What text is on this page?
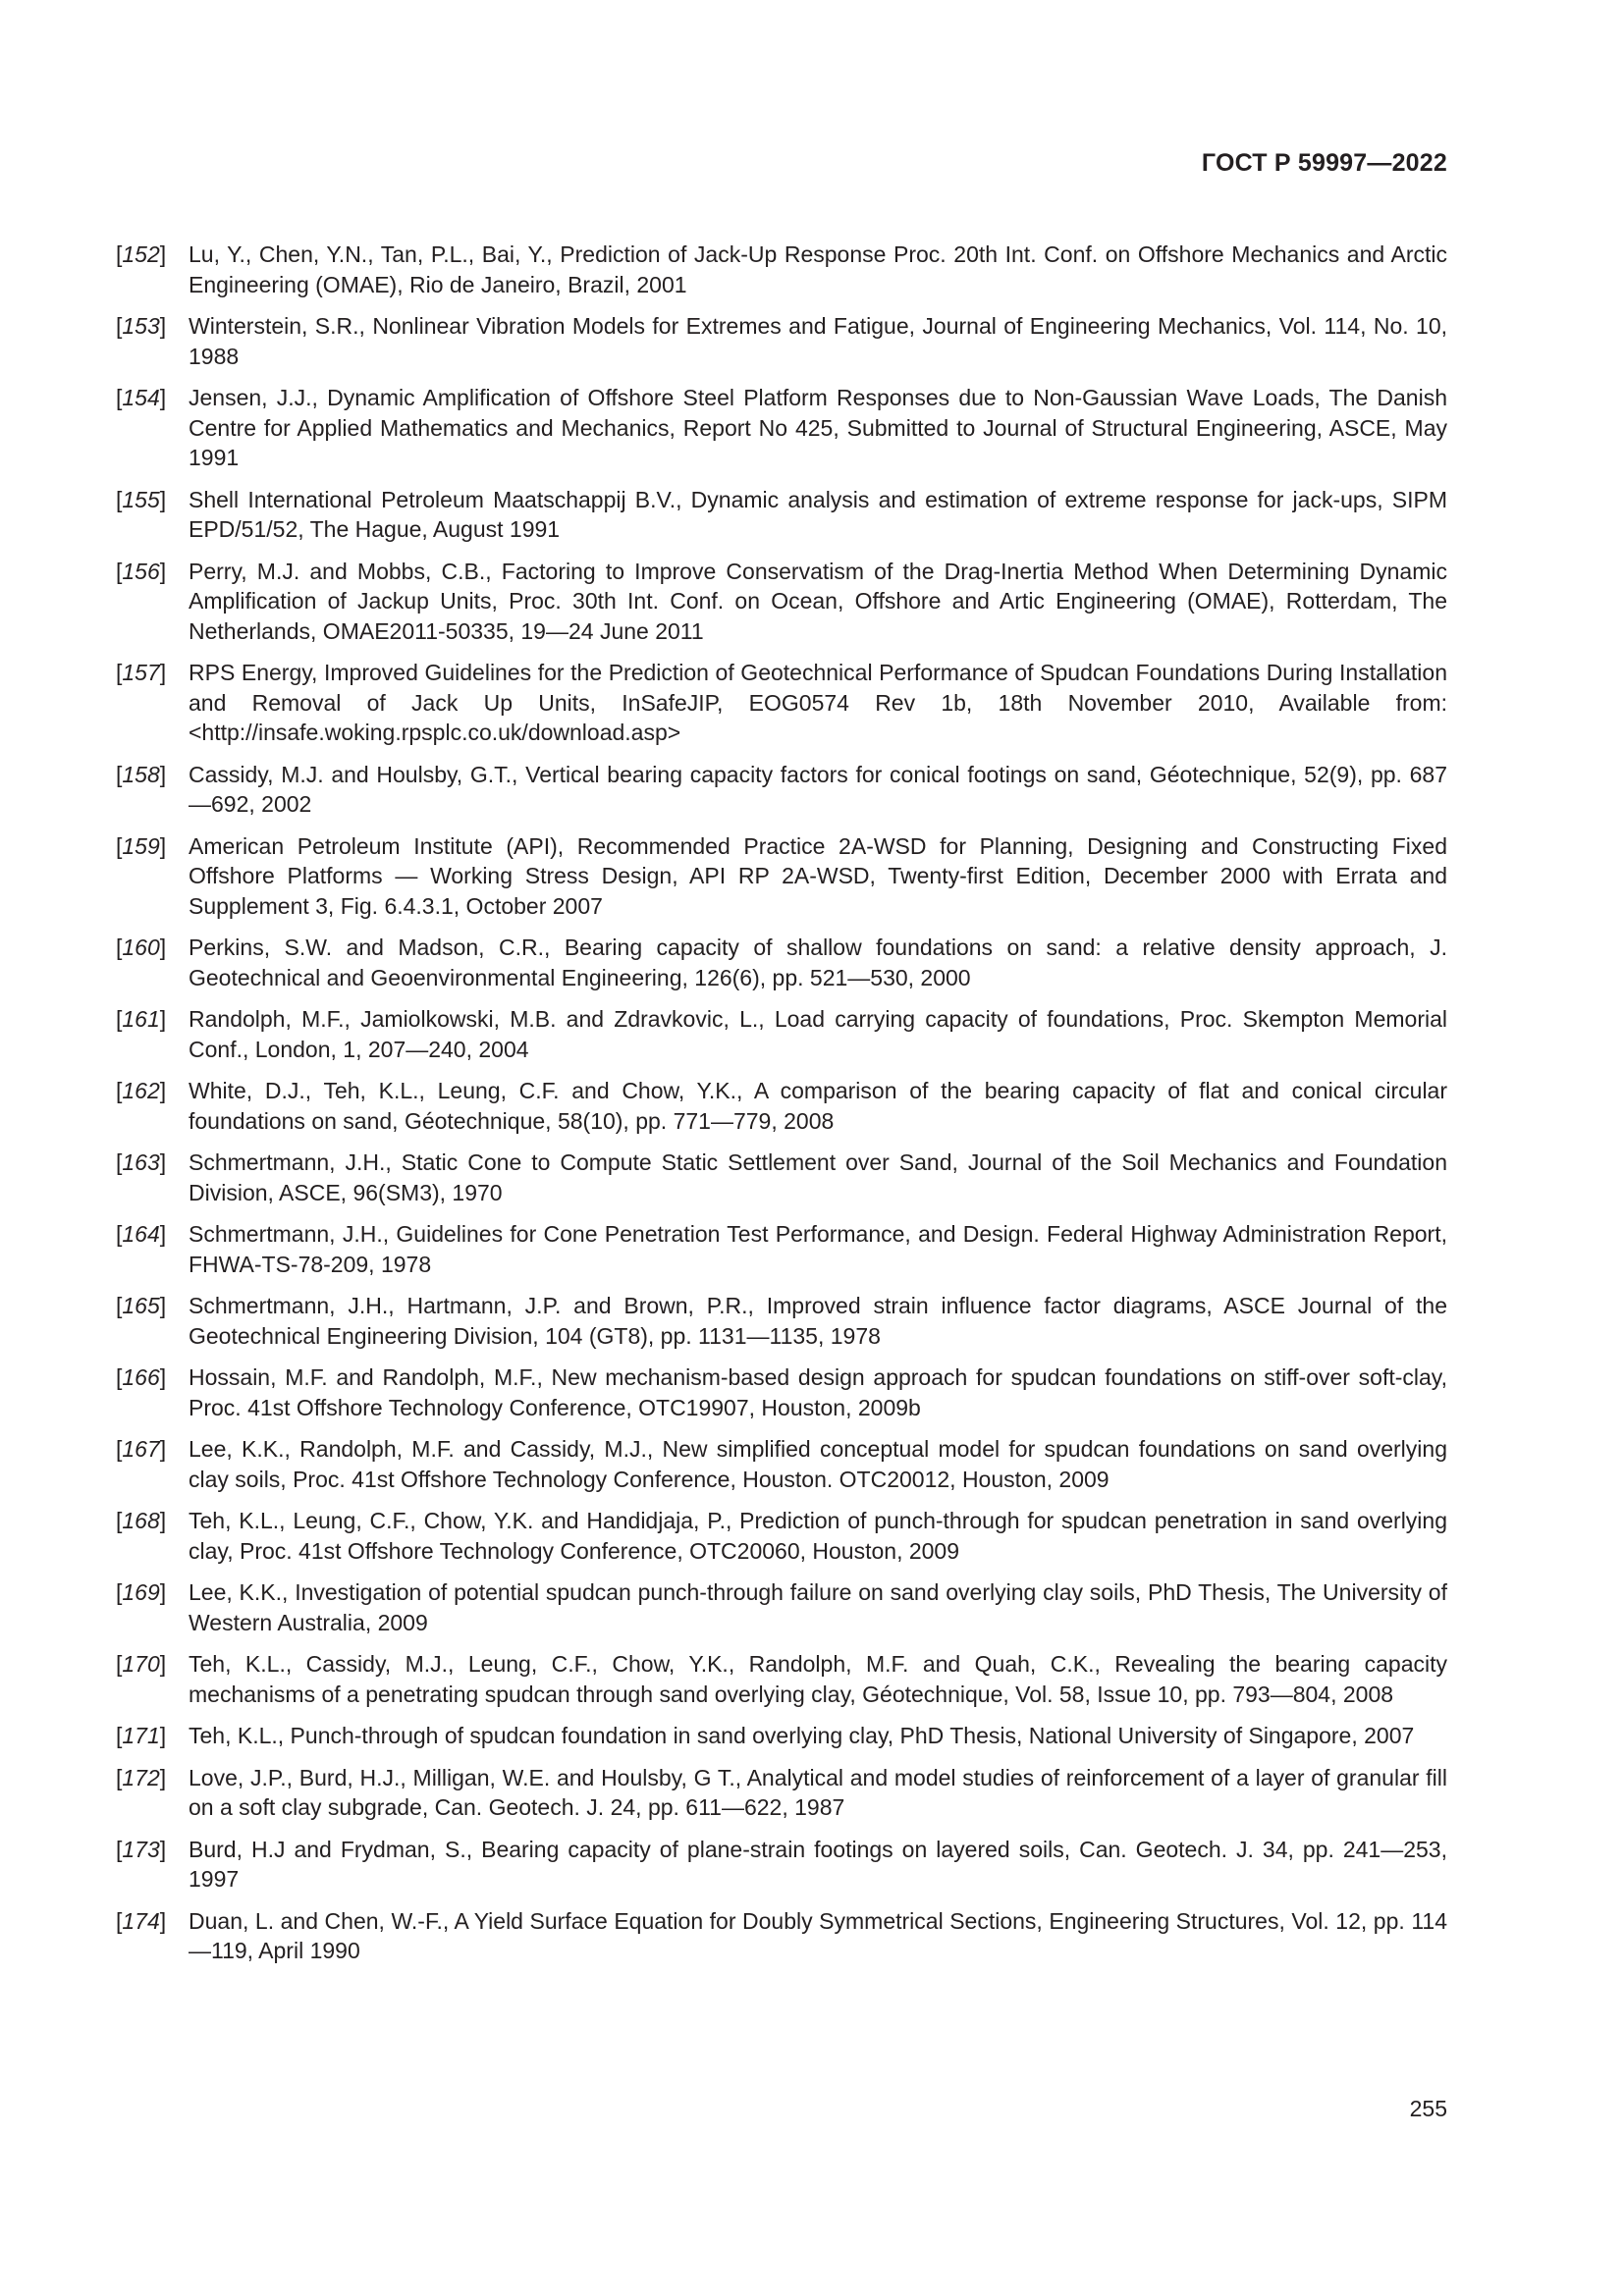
ГОСТ Р 59997—2022
[152] Lu, Y., Chen, Y.N., Tan, P.L., Bai, Y., Prediction of Jack-Up Response Proc. 20th Int. Conf. on Offshore Mechanics and Arctic Engineering (OMAE), Rio de Janeiro, Brazil, 2001
[153] Winterstein, S.R., Nonlinear Vibration Models for Extremes and Fatigue, Journal of Engineering Mechanics, Vol. 114, No. 10, 1988
[154] Jensen, J.J., Dynamic Amplification of Offshore Steel Platform Responses due to Non-Gaussian Wave Loads, The Danish Centre for Applied Mathematics and Mechanics, Report No 425, Submitted to Journal of Structural Engineering, ASCE, May 1991
[155] Shell International Petroleum Maatschappij B.V., Dynamic analysis and estimation of extreme response for jack-ups, SIPM EPD/51/52, The Hague, August 1991
[156] Perry, M.J. and Mobbs, C.B., Factoring to Improve Conservatism of the Drag-Inertia Method When Determining Dynamic Amplification of Jackup Units, Proc. 30th Int. Conf. on Ocean, Offshore and Artic Engineering (OMAE), Rotterdam, The Netherlands, OMAE2011-50335, 19—24 June 2011
[157] RPS Energy, Improved Guidelines for the Prediction of Geotechnical Performance of Spudcan Foundations During Installation and Removal of Jack Up Units, InSafeJIP, EOG0574 Rev 1b, 18th November 2010, Available from: <http://insafe.woking.rpsplc.co.uk/download.asp>
[158] Cassidy, M.J. and Houlsby, G.T., Vertical bearing capacity factors for conical footings on sand, Géotechnique, 52(9), pp. 687—692, 2002
[159] American Petroleum Institute (API), Recommended Practice 2A-WSD for Planning, Designing and Constructing Fixed Offshore Platforms — Working Stress Design, API RP 2A-WSD, Twenty-first Edition, December 2000 with Errata and Supplement 3, Fig. 6.4.3.1, October 2007
[160] Perkins, S.W. and Madson, C.R., Bearing capacity of shallow foundations on sand: a relative density approach, J. Geotechnical and Geoenvironmental Engineering, 126(6), pp. 521—530, 2000
[161] Randolph, M.F., Jamiolkowski, M.B. and Zdravkovic, L., Load carrying capacity of foundations, Proc. Skempton Memorial Conf., London, 1, 207—240, 2004
[162] White, D.J., Teh, K.L., Leung, C.F. and Chow, Y.K., A comparison of the bearing capacity of flat and conical circular foundations on sand, Géotechnique, 58(10), pp. 771—779, 2008
[163] Schmertmann, J.H., Static Cone to Compute Static Settlement over Sand, Journal of the Soil Mechanics and Foundation Division, ASCE, 96(SM3), 1970
[164] Schmertmann, J.H., Guidelines for Cone Penetration Test Performance, and Design. Federal Highway Administration Report, FHWA-TS-78-209, 1978
[165] Schmertmann, J.H., Hartmann, J.P. and Brown, P.R., Improved strain influence factor diagrams, ASCE Journal of the Geotechnical Engineering Division, 104 (GT8), pp. 1131—1135, 1978
[166] Hossain, M.F. and Randolph, M.F., New mechanism-based design approach for spudcan foundations on stiff-over soft-clay, Proc. 41st Offshore Technology Conference, OTC19907, Houston, 2009b
[167] Lee, K.K., Randolph, M.F. and Cassidy, M.J., New simplified conceptual model for spudcan foundations on sand overlying clay soils, Proc. 41st Offshore Technology Conference, Houston. OTC20012, Houston, 2009
[168] Teh, K.L., Leung, C.F., Chow, Y.K. and Handidjaja, P., Prediction of punch-through for spudcan penetration in sand overlying clay, Proc. 41st Offshore Technology Conference, OTC20060, Houston, 2009
[169] Lee, K.K., Investigation of potential spudcan punch-through failure on sand overlying clay soils, PhD Thesis, The University of Western Australia, 2009
[170] Teh, K.L., Cassidy, M.J., Leung, C.F., Chow, Y.K., Randolph, M.F. and Quah, C.K., Revealing the bearing capacity mechanisms of a penetrating spudcan through sand overlying clay, Géotechnique, Vol. 58, Issue 10, pp. 793—804, 2008
[171] Teh, K.L., Punch-through of spudcan foundation in sand overlying clay, PhD Thesis, National University of Singapore, 2007
[172] Love, J.P., Burd, H.J., Milligan, W.E. and Houlsby, G T., Analytical and model studies of reinforcement of a layer of granular fill on a soft clay subgrade, Can. Geotech. J. 24, pp. 611—622, 1987
[173] Burd, H.J and Frydman, S., Bearing capacity of plane-strain footings on layered soils, Can. Geotech. J. 34, pp. 241—253, 1997
[174] Duan, L. and Chen, W.-F., A Yield Surface Equation for Doubly Symmetrical Sections, Engineering Structures, Vol. 12, pp. 114—119, April 1990
255
